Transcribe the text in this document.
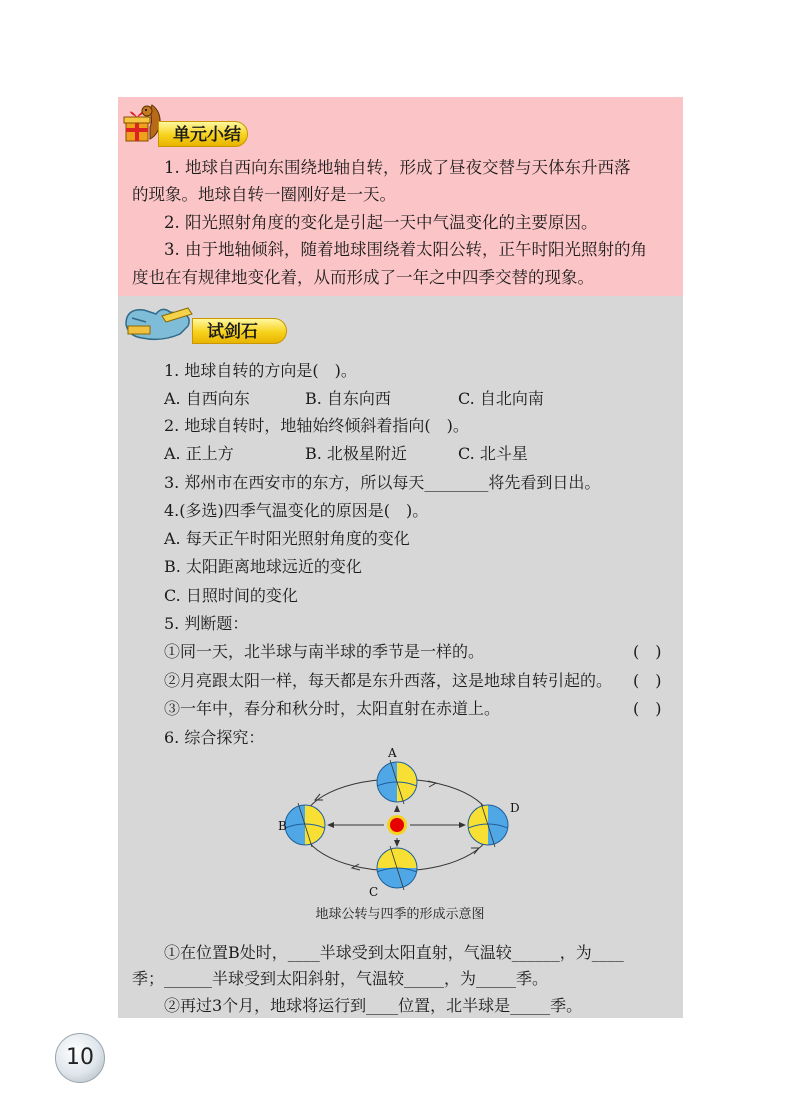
单元小结
1. 地球自西向东围绕地轴自转，形成了昼夜交替与天体东升西落
的现象。地球自转一圈刚好是一天。
2. 阳光照射角度的变化是引起一天中气温变化的主要原因。
3. 由于地轴倾斜，随着地球围绕着太阳公转，正午时阳光照射的角
度也在有规律地变化着，从而形成了一年之中四季交替的现象。
试剑石
1. 地球自转的方向是(　)。
A. 自西向东	B. 自东向西	C. 自北向南
2. 地球自转时，地轴始终倾斜着指向(　)。
A. 正上方	B. 北极星附近	C. 北斗星
3. 郑州市在西安市的东方，所以每天________将先看到日出。
4.(多选)四季气温变化的原因是(　)。
A. 每天正午时阳光照射角度的变化
B. 太阳距离地球远近的变化
C. 日照时间的变化
5. 判断题：
①同一天，北半球与南半球的季节是一样的。	(　)
②月亮跟太阳一样，每天都是东升西落，这是地球自转引起的。 (　)
③一年中，春分和秋分时，太阳直射在赤道上。	(　)
6. 综合探究：
A
B
C
D
地球公转与四季的形成示意图
①在位置B处时，____半球受到太阳直射，气温较______，为____
季；______半球受到太阳斜射，气温较_____，为_____季。
②再过3个月，地球将运行到____位置，北半球是_____季。
10
